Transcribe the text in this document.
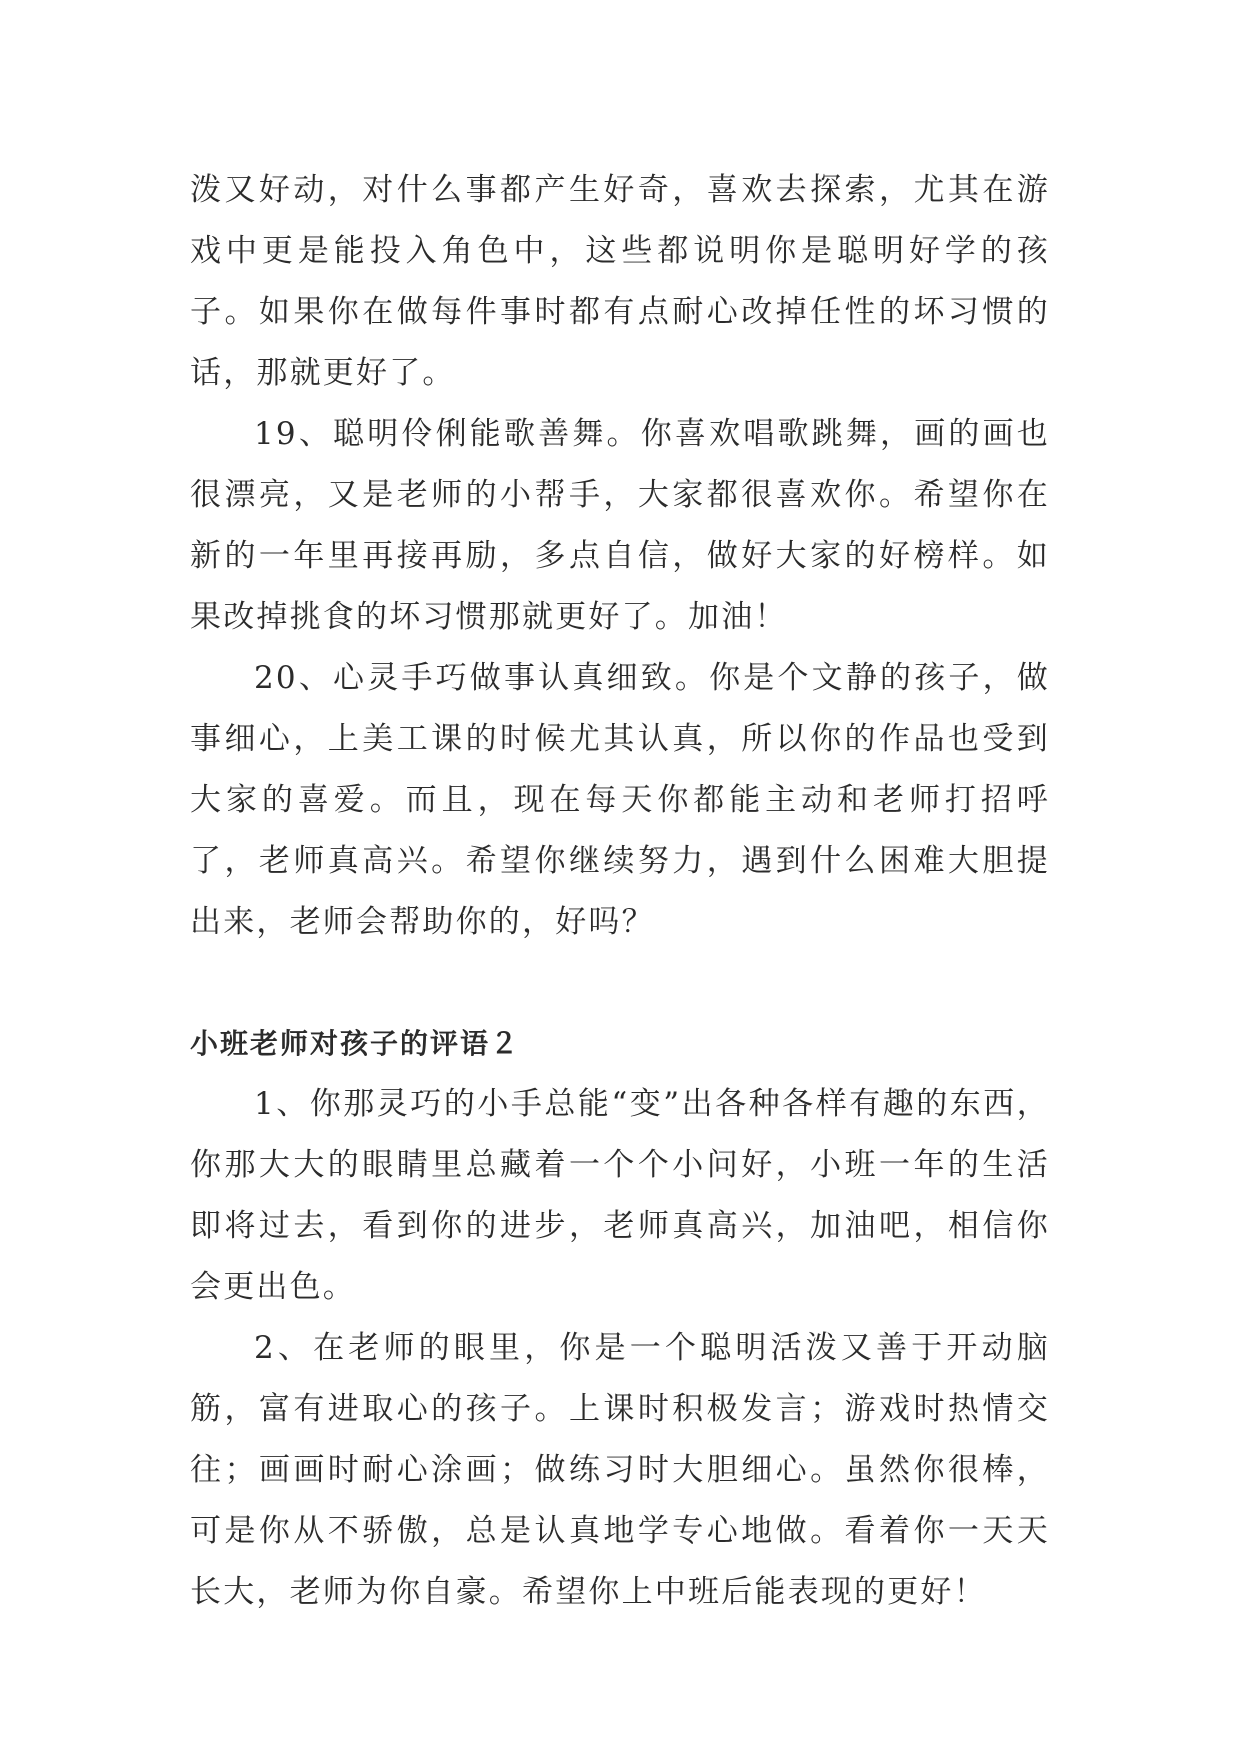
泼又好动，对什么事都产生好奇，喜欢去探索，尤其在游戏中更是能投入角色中，这些都说明你是聪明好学的孩子。如果你在做每件事时都有点耐心改掉任性的坏习惯的话，那就更好了。

19、聪明伶俐能歌善舞。你喜欢唱歌跳舞，画的画也很漂亮，又是老师的小帮手，大家都很喜欢你。希望你在新的一年里再接再励，多点自信，做好大家的好榜样。如果改掉挑食的坏习惯那就更好了。加油！

20、心灵手巧做事认真细致。你是个文静的孩子，做事细心，上美工课的时候尤其认真，所以你的作品也受到大家的喜爱。而且，现在每天你都能主动和老师打招呼了，老师真高兴。希望你继续努力，遇到什么困难大胆提出来，老师会帮助你的，好吗？

小班老师对孩子的评语２

1、你那灵巧的小手总能“变”出各种各样有趣的东西，你那大大的眼睛里总藏着一个个小问好，小班一年的生活即将过去，看到你的进步，老师真高兴，加油吧，相信你会更出色。

2、在老师的眼里，你是一个聪明活泼又善于开动脑筋，富有进取心的孩子。上课时积极发言；游戏时热情交往；画画时耐心涂画；做练习时大胆细心。虽然你很棒，可是你从不骄傲，总是认真地学专心地做。看着你一天天长大，老师为你自豪。希望你上中班后能表现的更好！
